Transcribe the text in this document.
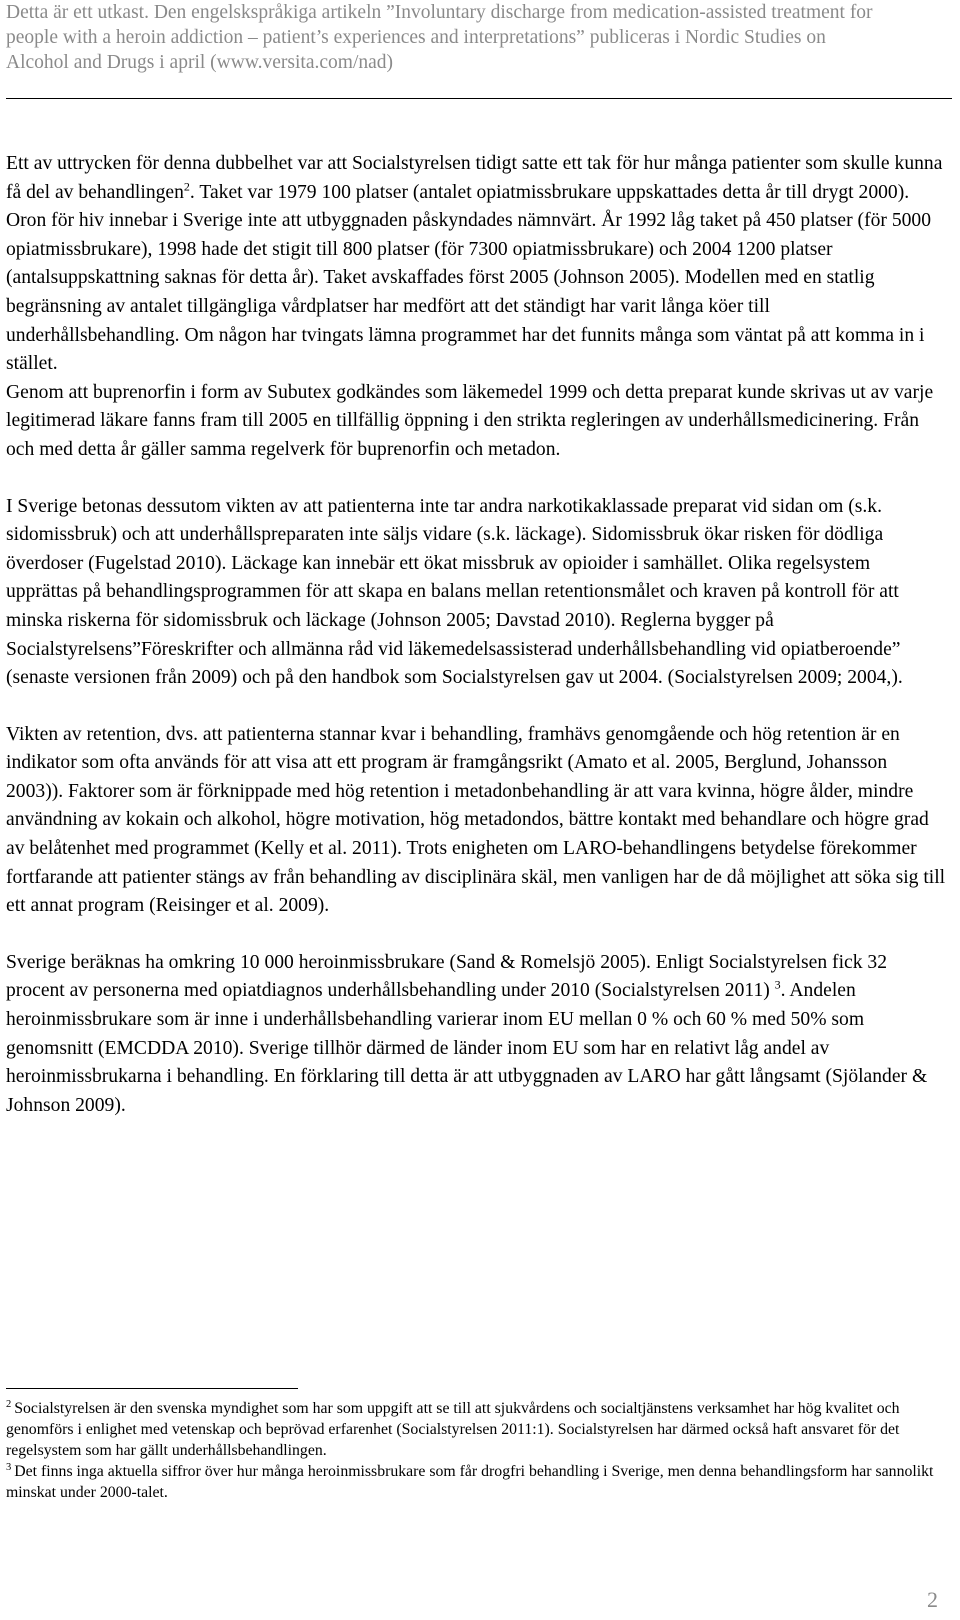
Detta är ett utkast. Den engelskspråkiga artikeln ”Involuntary discharge from medication-assisted treatment for
people with a heroin addiction – patient’s experiences and interpretations” publiceras i Nordic Studies on
Alcohol and Drugs i april (www.versita.com/nad)

Ett av uttrycken för denna dubbelhet var att Socialstyrelsen tidigt satte ett tak för hur många patienter som skulle kunna få del av behandlingen$^2$. Taket var 1979 100 platser (antalet opiatmissbrukare uppskattades detta år till drygt 2000). Oron för hiv innebar i Sverige inte att utbyggnaden påskyndades nämnvärt. År 1992 låg taket på 450 platser (för 5000 opiatmissbrukare), 1998 hade det stigit till 800 platser (för 7300 opiatmissbrukare) och 2004 1200 platser (antalsuppskattning saknas för detta år). Taket avskaffades först 2005 (Johnson 2005). Modellen med en statlig begränsning av antalet tillgängliga vårdplatser har medfört att det ständigt har varit långa köer till underhållsbehandling. Om någon har tvingats lämna programmet har det funnits många som väntat på att komma in i stället.

Genom att buprenorfin i form av Subutex godkändes som läkemedel 1999 och detta preparat kunde skrivas ut av varje legitimerad läkare fanns fram till 2005 en tillfällig öppning i den strikta regleringen av underhållsmedicinering. Från och med detta år gäller samma regelverk för buprenorfin och metadon.

I Sverige betonas dessutom vikten av att patienterna inte tar andra narkotikaklassade preparat vid sidan om (s.k. sidomissbruk) och att underhållspreparaten inte säljs vidare (s.k. läckage). Sidomissbruk ökar risken för dödliga överdoser (Fugelstad 2010). Läckage kan innebär ett ökat missbruk av opioider i samhället. Olika regelsystem upprättas på behandlingsprogrammen för att skapa en balans mellan retentionsmålet och kraven på kontroll för att minska riskerna för sidomissbruk och läckage (Johnson 2005; Davstad 2010). Reglerna bygger på Socialstyrelsens”Föreskrifter och allmänna råd vid läkemedelsassisterad underhållsbehandling vid opiatberoende” (senaste versionen från 2009) och på den handbok som Socialstyrelsen gav ut 2004. (Socialstyrelsen 2009; 2004,).

Vikten av retention, dvs. att patienterna stannar kvar i behandling, framhävs genomgående och hög retention är en indikator som ofta används för att visa att ett program är framgångsrikt (Amato et al. 2005, Berglund, Johansson 2003)). Faktorer som är förknippade med hög retention i metadonbehandling är att vara kvinna, högre ålder, mindre användning av kokain och alkohol, högre motivation, hög metadondos, bättre kontakt med behandlare och högre grad av belåtenhet med programmet (Kelly et al. 2011). Trots enigheten om LARO-behandlingens betydelse förekommer fortfarande att patienter stängs av från behandling av disciplinära skäl, men vanligen har de då möjlighet att söka sig till ett annat program (Reisinger et al. 2009).

Sverige beräknas ha omkring 10 000 heroinmissbrukare (Sand & Romelsjö 2005). Enligt Socialstyrelsen fick 32 procent av personerna med opiatdiagnos underhållsbehandling under 2010 (Socialstyrelsen 2011) $^3$. Andelen heroinmissbrukare som är inne i underhållsbehandling varierar inom EU mellan 0 % och 60 % med 50% som genomsnitt (EMCDDA 2010). Sverige tillhör därmed de länder inom EU som har en relativt låg andel av heroinmissbrukarna i behandling. En förklaring till detta är att utbyggnaden av LARO har gått långsamt (Sjölander & Johnson 2009).

$^2$ Socialstyrelsen är den svenska myndighet som har som uppgift att se till att sjukvårdens och socialtjänstens verksamhet har hög kvalitet och genomförs i enlighet med vetenskap och beprövad erfarenhet (Socialstyrelsen 2011:1). Socialstyrelsen har därmed också haft ansvaret för det regelsystem som har gällt underhållsbehandlingen.

$^3$ Det finns inga aktuella siffror över hur många heroinmissbrukare som får drogfri behandling i Sverige, men denna behandlingsform har sannolikt minskat under 2000-talet.

2
